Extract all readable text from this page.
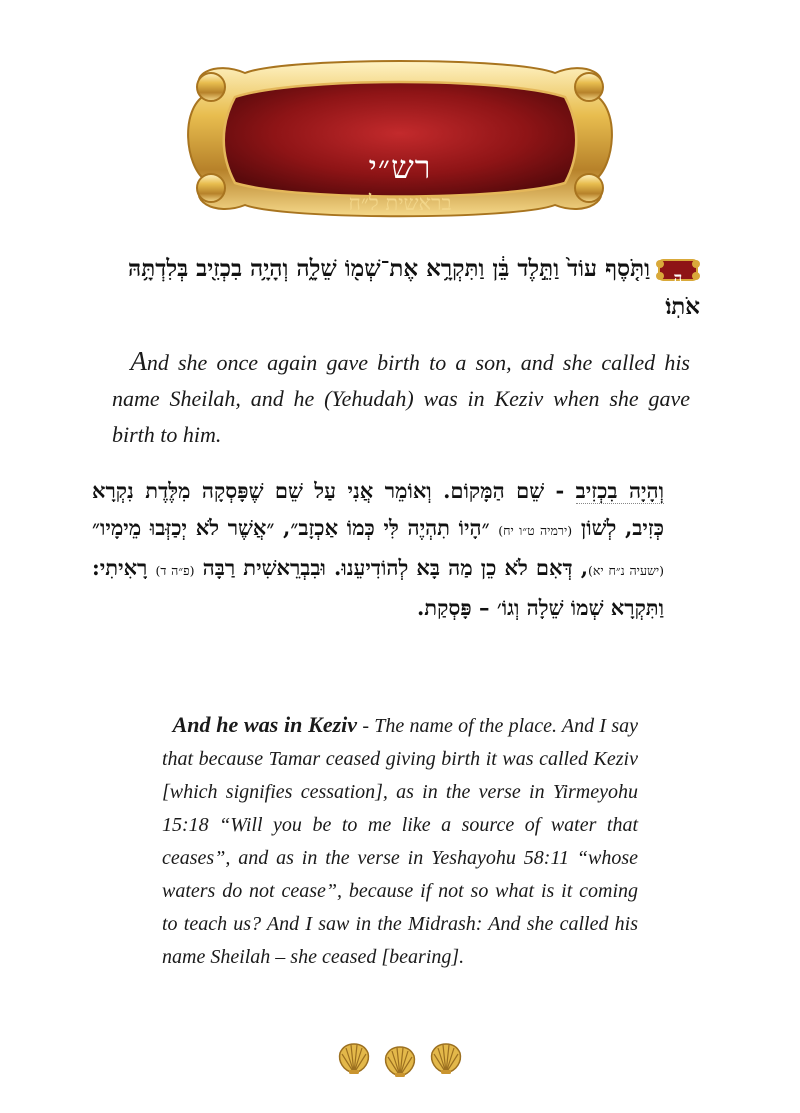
רש״י
בראשית ל״ח
ה
וַתֹּ֤סֶף עוֹד֙ וַתֵּ֣לֶד בֵּ֔ן וַתִּקְרָ֥א אֶת־שְׁמ֖וֹ שֵׁלָ֑ה וְהָיָ֥ה בִכְזִ֖יב בְּלִדְתָּ֥הּ אֹתֽוֹ׃
And she once again gave birth to a son, and she called his name Sheilah, and he (Yehudah) was in Keziv when she gave birth to him.
וְהָיָה בִכְזִיב - שֵׁם הַמָּקוֹם. וְאוֹמֵר אֲנִי עַל שֵׁם שֶׁפָּסְקָה מִלֶּדֶת נִקְרָא כְּזִיב, לְשׁוֹן (ירמיה ט״ו יח) ״הָיוֹ תִהְיֶה לִּי כְּמוֹ אַכְזָב״, ״אֲשֶׁר לֹא יְכַזְּבוּ מֵימָיו״ (ישעיה נ״ח יא), דְּאִם לֹא כֵן מַה בָּא לְהוֹדִיעֵנוּ. וּבִבְרֵאשִׁית רַבָּה (פ״ה ד) רָאִיתִי: וַתִּקְרָא שְׁמוֹ שֵׁלָה וְגוֹ׳ – פָּסְקַת.
And he was in Keziv - The name of the place. And I say that because Tamar ceased giving birth it was called Keziv [which signifies cessation], as in the verse in Yirmeyohu 15:18 “Will you be to me like a source of water that ceases”, and as in the verse in Yeshayohu 58:11 “whose waters do not cease”, because if not so what is it coming to teach us? And I saw in the Midrash: And she called his name Sheilah – she ceased [bearing].
